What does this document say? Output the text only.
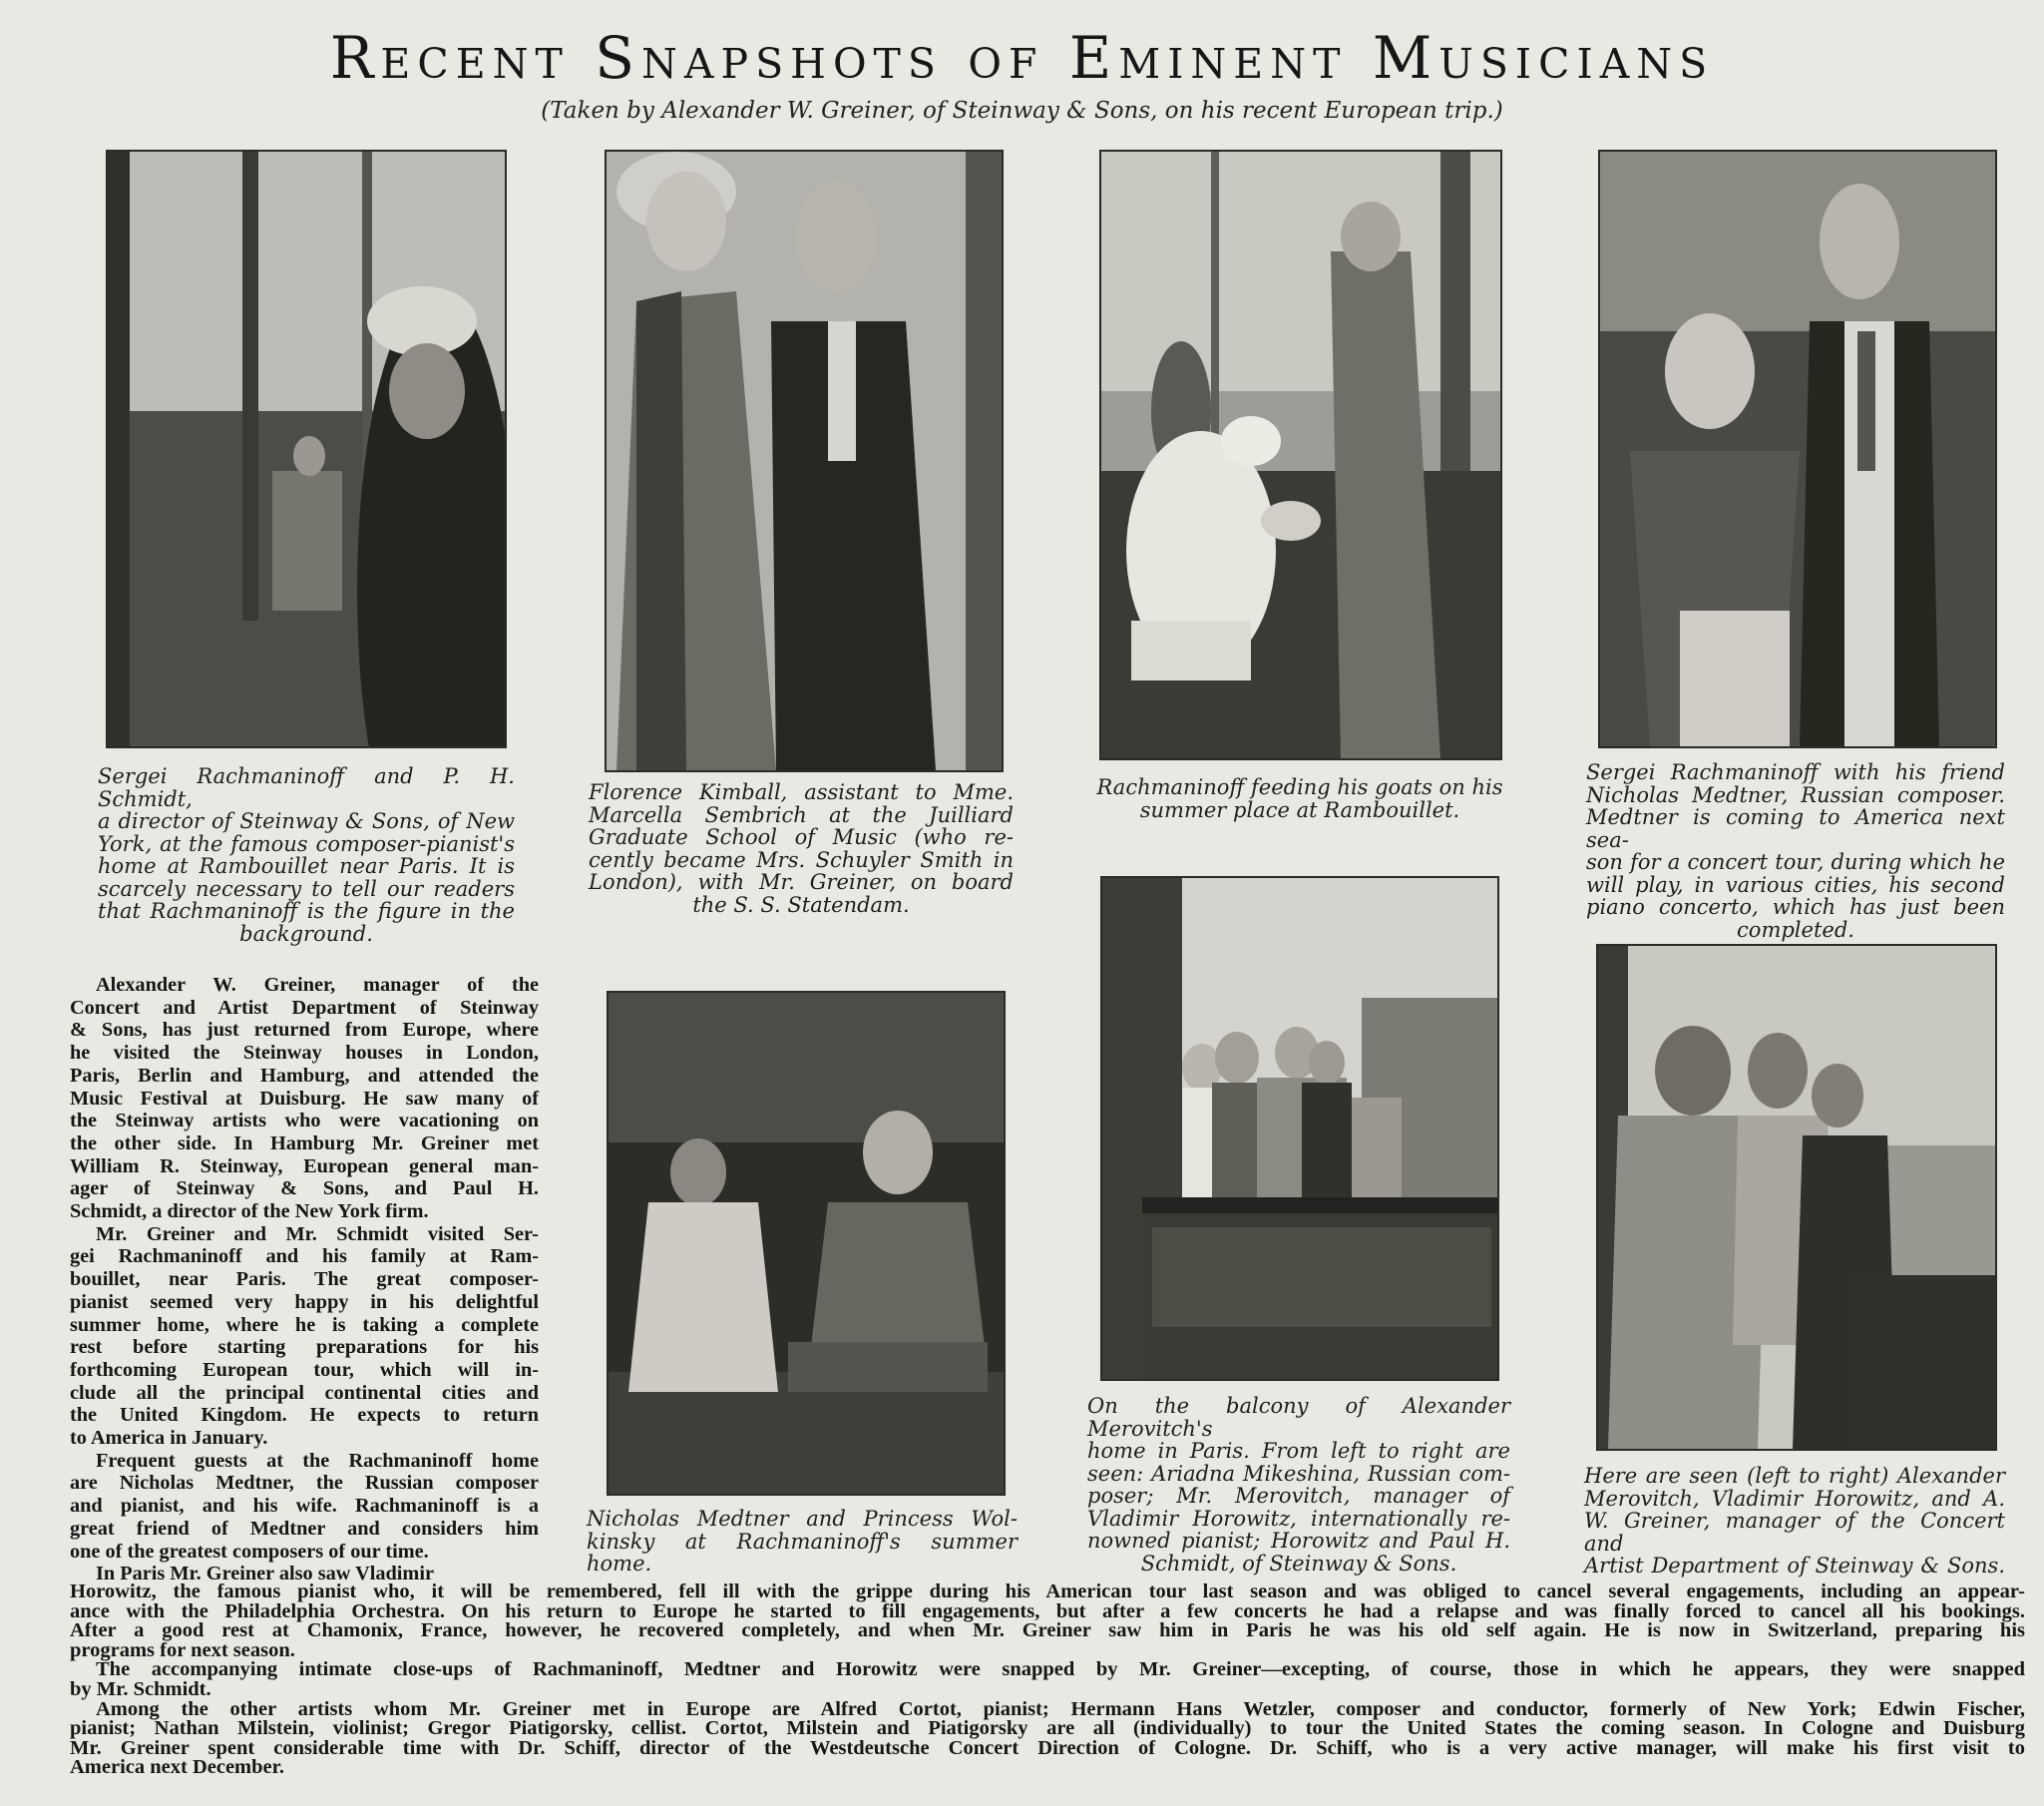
Recent Snapshots of Eminent Musicians
(Taken by Alexander W. Greiner, of Steinway & Sons, on his recent European trip.)
Sergei Rachmaninoff and P. H. Schmidt,
a director of Steinway & Sons, of New
York, at the famous composer-pianist's
home at Rambouillet near Paris. It is
scarcely necessary to tell our readers
that Rachmaninoff is the figure in the
background.
Florence Kimball, assistant to Mme.
Marcella Sembrich at the Juilliard
Graduate School of Music (who re-
cently became Mrs. Schuyler Smith in
London), with Mr. Greiner, on board
the S. S. Statendam.
Rachmaninoff feeding his goats on his
summer place at Rambouillet.
Sergei Rachmaninoff with his friend
Nicholas Medtner, Russian composer.
Medtner is coming to America next sea-
son for a concert tour, during which he
will play, in various cities, his second
piano concerto, which has just been
completed.
Nicholas Medtner and Princess Wol-
kinsky at Rachmaninoff's summer home.
On the balcony of Alexander Merovitch's
home in Paris. From left to right are
seen: Ariadna Mikeshina, Russian com-
poser; Mr. Merovitch, manager of
Vladimir Horowitz, internationally re-
nowned pianist; Horowitz and Paul H.
Schmidt, of Steinway & Sons.
Here are seen (left to right) Alexander
Merovitch, Vladimir Horowitz, and A.
W. Greiner, manager of the Concert and
Artist Department of Steinway & Sons.
Alexander W. Greiner, manager of the
Concert and Artist Department of Steinway
& Sons, has just returned from Europe, where
he visited the Steinway houses in London,
Paris, Berlin and Hamburg, and attended the
Music Festival at Duisburg. He saw many of
the Steinway artists who were vacationing on
the other side. In Hamburg Mr. Greiner met
William R. Steinway, European general man-
ager of Steinway & Sons, and Paul H.
Schmidt, a director of the New York firm.
Mr. Greiner and Mr. Schmidt visited Ser-
gei Rachmaninoff and his family at Ram-
bouillet, near Paris. The great composer-
pianist seemed very happy in his delightful
summer home, where he is taking a complete
rest before starting preparations for his
forthcoming European tour, which will in-
clude all the principal continental cities and
the United Kingdom. He expects to return
to America in January.
Frequent guests at the Rachmaninoff home
are Nicholas Medtner, the Russian composer
and pianist, and his wife. Rachmaninoff is a
great friend of Medtner and considers him
one of the greatest composers of our time.
In Paris Mr. Greiner also saw Vladimir
Horowitz, the famous pianist who, it will be remembered, fell ill with the grippe during his American tour last season and was obliged to cancel several engagements, including an appear-
ance with the Philadelphia Orchestra. On his return to Europe he started to fill engagements, but after a few concerts he had a relapse and was finally forced to cancel all his bookings.
After a good rest at Chamonix, France, however, he recovered completely, and when Mr. Greiner saw him in Paris he was his old self again. He is now in Switzerland, preparing his
programs for next season.
The accompanying intimate close-ups of Rachmaninoff, Medtner and Horowitz were snapped by Mr. Greiner—excepting, of course, those in which he appears, they were snapped
by Mr. Schmidt.
Among the other artists whom Mr. Greiner met in Europe are Alfred Cortot, pianist; Hermann Hans Wetzler, composer and conductor, formerly of New York; Edwin Fischer,
pianist; Nathan Milstein, violinist; Gregor Piatigorsky, cellist. Cortot, Milstein and Piatigorsky are all (individually) to tour the United States the coming season. In Cologne and Duisburg
Mr. Greiner spent considerable time with Dr. Schiff, director of the Westdeutsche Concert Direction of Cologne. Dr. Schiff, who is a very active manager, will make his first visit to
America next December.
